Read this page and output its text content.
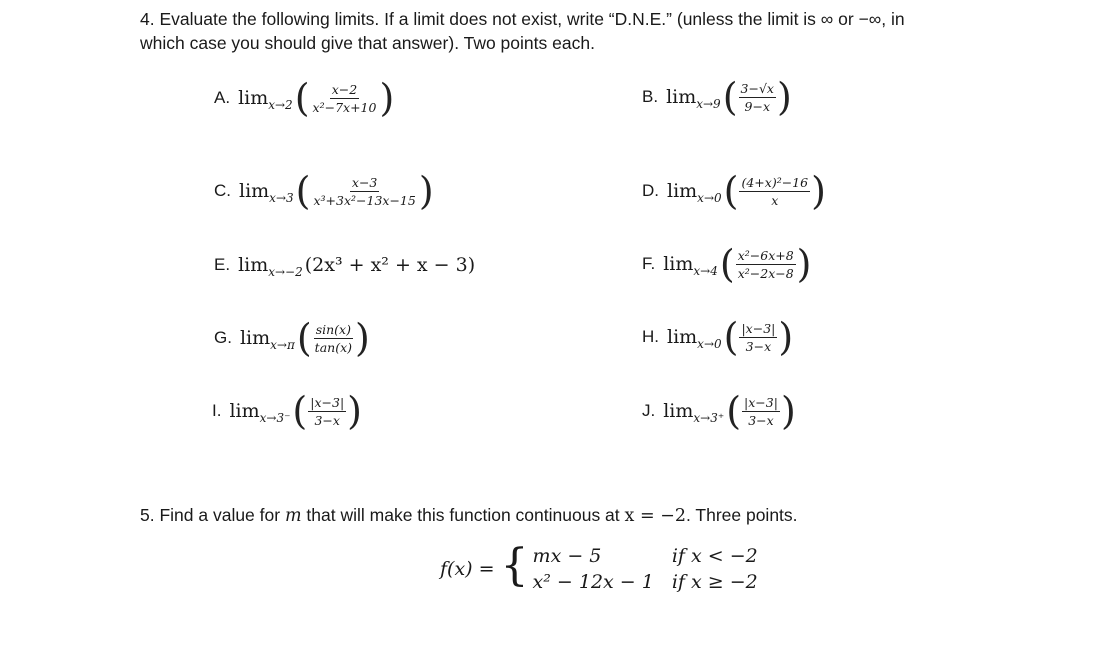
4. Evaluate the following limits. If a limit does not exist, write “D.N.E.” (unless the limit is ∞ or −∞, in
which case you should give that answer). Two points each.
A. lim x→2 ( $\frac{x-2}{\text{x²−7x+10}}$ )	B. lim x→9 ( $\frac{3-√x}{9-x}$ )
C. lim x→3 ( $\frac{x-3}{\text{x³+3x²−13x−15}}$ )	D. lim x→0 ( $\frac{\text{(4+x)²−16}}{x}$ )
E. lim x→−2 (2x³ + x² + x − 3)	F. lim x→4 ( $\frac{\text{x²−6x+8}}{\text{x²−2x−8}}$ )
G. lim x→π ( $\frac{\sin(x)}{\tan(x)}$ )	H. lim x→0 ( $\frac{|x-3|}{3-x}$ )
I. lim x→3⁻ ( $\frac{|x-3|}{3-x}$ )	J. lim x→3⁺ ( $\frac{|x-3|}{3-x}$ )
5. Find a value for m that will make this function continuous at x = −2. Three points.
f(x) = { mx − 5	if x < −2
x² − 12x − 1 if x ≥ −2
